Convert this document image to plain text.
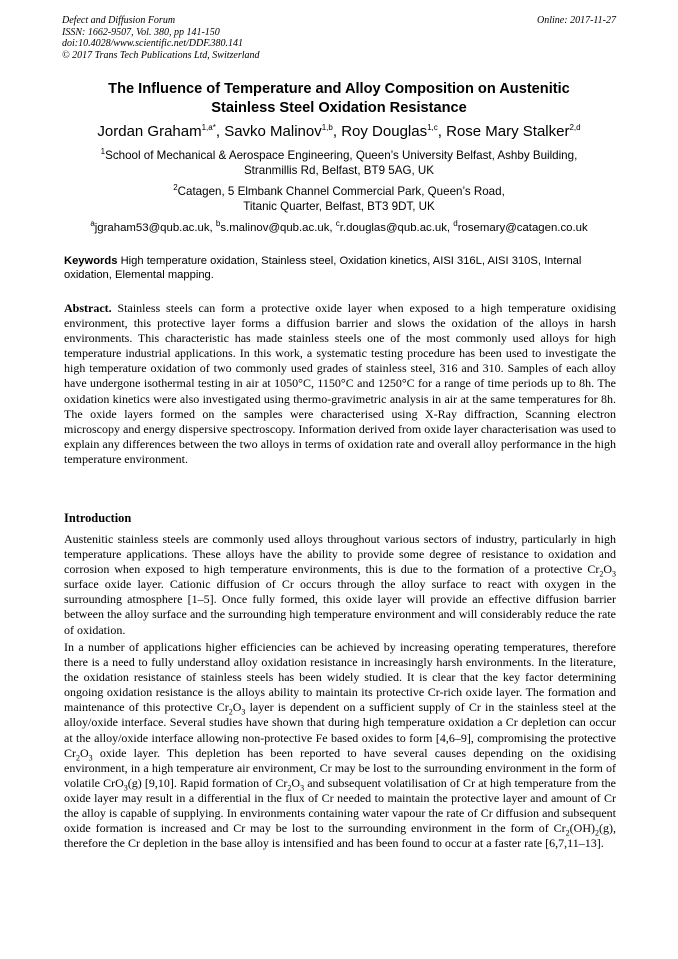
Defect and Diffusion Forum
ISSN: 1662-9507, Vol. 380, pp 141-150
doi:10.4028/www.scientific.net/DDF.380.141
© 2017 Trans Tech Publications Ltd, Switzerland
Online: 2017-11-27
The Influence of Temperature and Alloy Composition on Austenitic
Stainless Steel Oxidation Resistance
Jordan Graham$^{1,a*}$, Savko Malinov$^{1,b}$, Roy Douglas$^{1,c}$, Rose Mary Stalker$^{2,d}$
$^1$School of Mechanical & Aerospace Engineering, Queen’s University Belfast, Ashby Building,
Stranmillis Rd, Belfast, BT9 5AG, UK
$^2$Catagen, 5 Elmbank Channel Commercial Park, Queen’s Road,
Titanic Quarter, Belfast, BT3 9DT, UK
$^a$jgraham53@qub.ac.uk, $^b$s.malinov@qub.ac.uk, $^c$r.douglas@qub.ac.uk, $^d$rosemary@catagen.co.uk
Keywords High temperature oxidation, Stainless steel, Oxidation kinetics, AISI 316L, AISI 310S, Internal oxidation, Elemental mapping.
Abstract. Stainless steels can form a protective oxide layer when exposed to a high temperature oxidising environment, this protective layer forms a diffusion barrier and slows the oxidation of the alloys in harsh environments. This characteristic has made stainless steels one of the most commonly used alloys for high temperature industrial applications. In this work, a systematic testing procedure has been used to investigate the high temperature oxidation of two commonly used grades of stainless steel, 316 and 310. Samples of each alloy have undergone isothermal testing in air at 1050°C, 1150°C and 1250°C for a range of time periods up to 8h. The oxidation kinetics were also investigated using thermo-gravimetric analysis in air at the same temperatures for 8h. The oxide layers formed on the samples were characterised using X-Ray diffraction, Scanning electron microscopy and energy dispersive spectroscopy. Information derived from oxide layer characterisation was used to explain any differences between the two alloys in terms of oxidation rate and overall alloy performance in the high temperature environment.
Introduction
Austenitic stainless steels are commonly used alloys throughout various sectors of industry, particularly in high temperature applications. These alloys have the ability to provide some degree of resistance to oxidation and corrosion when exposed to high temperature environments, this is due to the formation of a protective $Cr_2O_3$ surface oxide layer. Cationic diffusion of Cr occurs through the alloy surface to react with oxygen in the surrounding atmosphere [1–5]. Once fully formed, this oxide layer will provide an effective diffusion barrier between the alloy surface and the surrounding high temperature environment and will considerably reduce the rate of oxidation.
In a number of applications higher efficiencies can be achieved by increasing operating temperatures, therefore there is a need to fully understand alloy oxidation resistance in increasingly harsh environments. In the literature, the oxidation resistance of stainless steels has been widely studied. It is clear that the key factor determining ongoing oxidation resistance is the alloys ability to maintain its protective Cr-rich oxide layer. The formation and maintenance of this protective $Cr_2O_3$ layer is dependent on a sufficient supply of Cr in the stainless steel at the alloy/oxide interface. Several studies have shown that during high temperature oxidation a Cr depletion can occur at the alloy/oxide interface allowing non-protective Fe based oxides to form [4,6–9], compromising the protective $Cr_2O_3$ oxide layer. This depletion has been reported to have several causes depending on the oxidising environment, in a high temperature air environment, Cr may be lost to the surrounding environment in the form of volatile CrO$_3$(g) [9,10]. Rapid formation of $Cr_2O_3$ and subsequent volatilisation of Cr at high temperature from the oxide layer may result in a differential in the flux of Cr needed to maintain the protective layer and amount of Cr the alloy is capable of supplying. In environments containing water vapour the rate of Cr diffusion and subsequent oxide formation is increased and Cr may be lost to the surrounding environment in the form of $Cr_2(OH)_2(g)$, therefore the Cr depletion in the base alloy is intensified and has been found to occur at a faster rate [6,7,11–13].
